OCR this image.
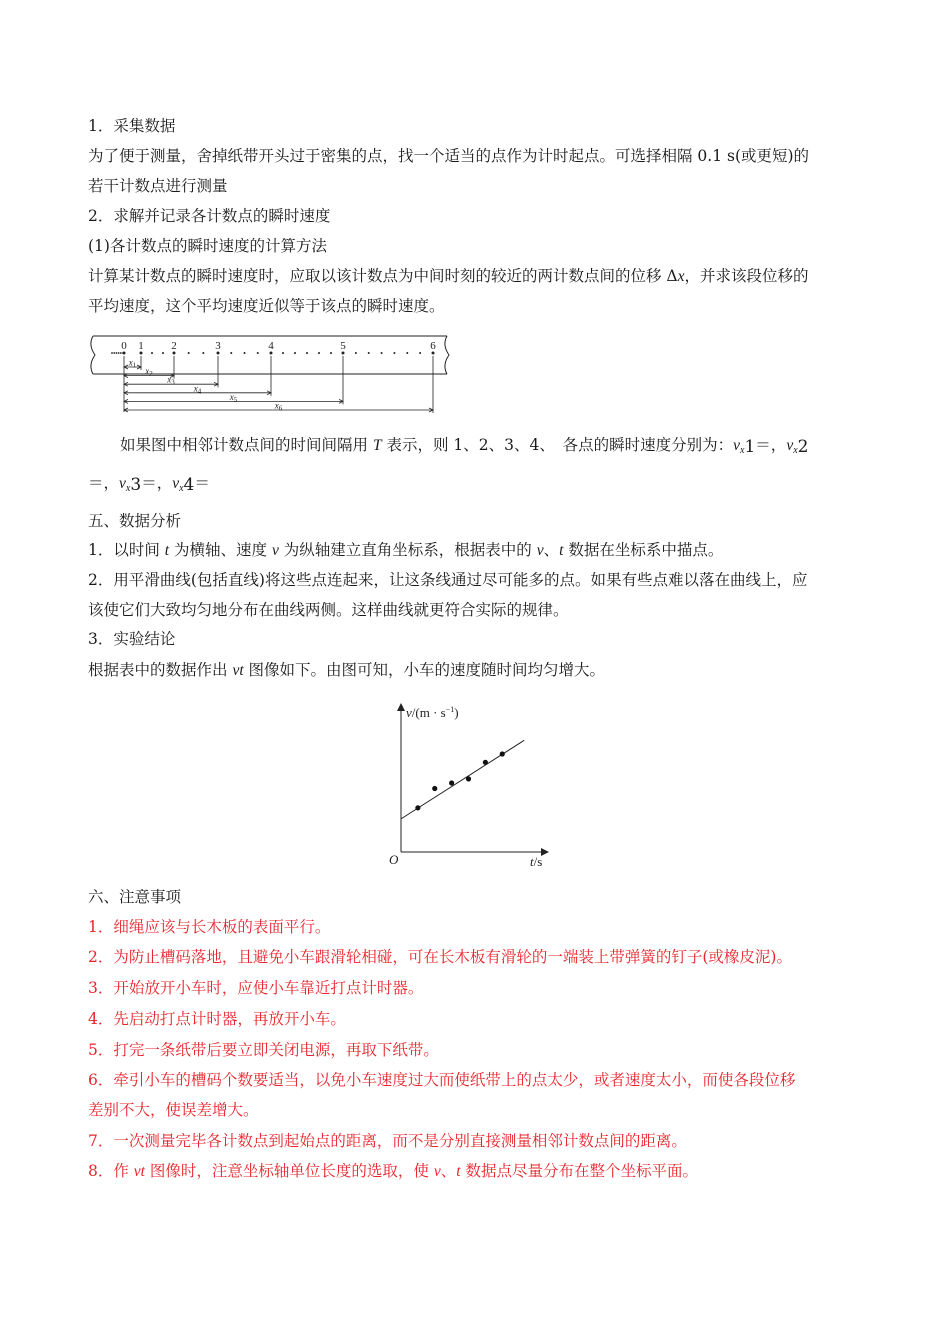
1．采集数据
为了便于测量，舍掉纸带开头过于密集的点，找一个适当的点作为计时起点。可选择相隔 0.1 s(或更短)的
若干计数点进行测量
2．求解并记录各计数点的瞬时速度
(1)各计数点的瞬时速度的计算方法
计算某计数点的瞬时速度时，应取以该计数点为中间时刻的较近的两计数点间的位移 Δx，并求该段位移的
平均速度，这个平均速度近似等于该点的瞬时速度。
0 1	2	3	4	5	6
$x_1$
$x_2$
$x_3$
$x_4$
$x_5$
$x_6$
如果图中相邻计数点间的时间间隔用 T 表示，则 1、2、3、4、　各点的瞬时速度分别为：$v_x1=$，$v_x2$
＝，$v_x3=$，$v_x4=$
五、数据分析
1．以时间 t 为横轴、速度 v 为纵轴建立直角坐标系，根据表中的 v、t 数据在坐标系中描点。
2．用平滑曲线(包括直线)将这些点连起来，让这条线通过尽可能多的点。如果有些点难以落在曲线上，应
该使它们大致均匀地分布在曲线两侧。这样曲线就更符合实际的规律。
3．实验结论
根据表中的数据作出 vt 图像如下。由图可知，小车的速度随时间均匀增大。
$v/(m \cdot s^{-1})$
O	t/s
六、注意事项
1．细绳应该与长木板的表面平行。
2．为防止槽码落地，且避免小车跟滑轮相碰，可在长木板有滑轮的一端装上带弹簧的钉子(或橡皮泥)。
3．开始放开小车时，应使小车靠近打点计时器。
4．先启动打点计时器，再放开小车。
5．打完一条纸带后要立即关闭电源，再取下纸带。
6．牵引小车的槽码个数要适当，以免小车速度过大而使纸带上的点太少，或者速度太小，而使各段位移
差别不大，使误差增大。
7．一次测量完毕各计数点到起始点的距离，而不是分别直接测量相邻计数点间的距离。
8．作 vt 图像时，注意坐标轴单位长度的选取，使 v、t 数据点尽量分布在整个坐标平面。
